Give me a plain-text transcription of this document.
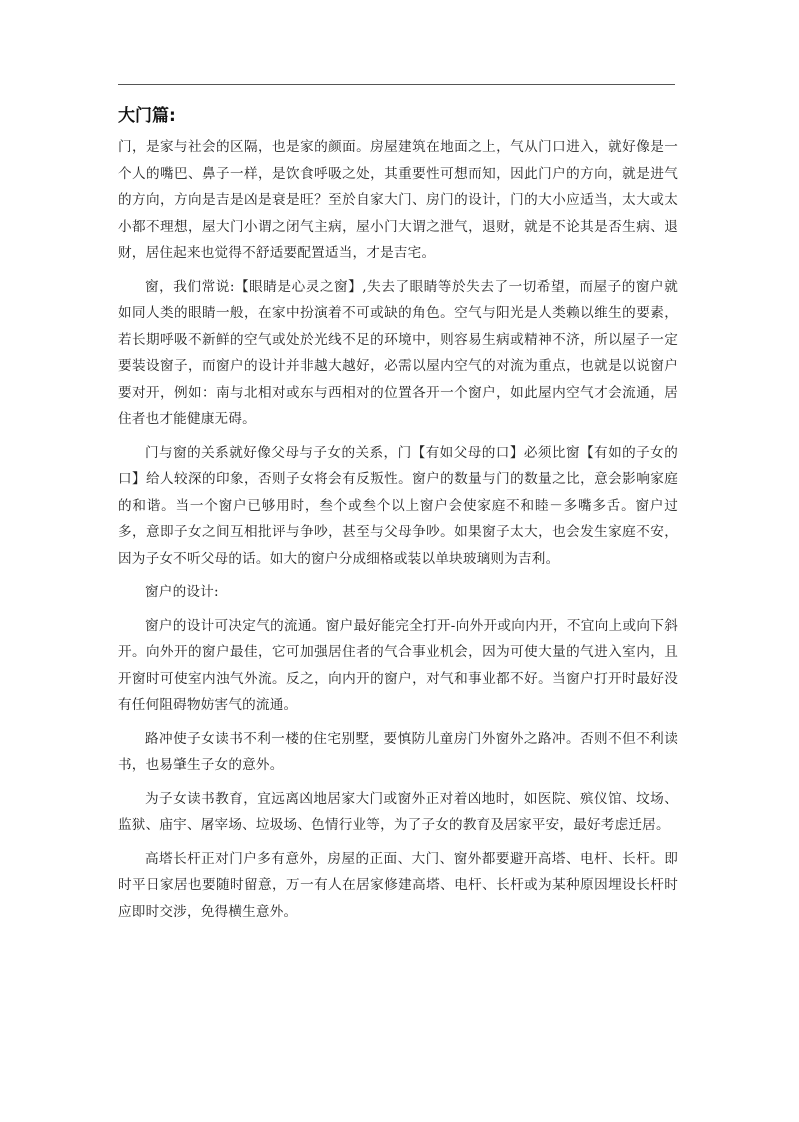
大门篇:

门，是家与社会的区隔，也是家的颜面。房屋建筑在地面之上，气从门口进入，就好像是一个人的嘴巴、鼻子一样，是饮食呼吸之处，其重要性可想而知，因此门户的方向，就是进气的方向，方向是吉是凶是衰是旺？至於自家大门、房门的设计，门的大小应适当，太大或太小都不理想，屋大门小谓之闭气主病，屋小门大谓之泄气，退财，就是不论其是否生病、退财，居住起来也觉得不舒适要配置适当，才是吉宅。

窗，我们常说:【眼睛是心灵之窗】,失去了眼睛等於失去了一切希望，而屋子的窗户就如同人类的眼睛一般，在家中扮演着不可或缺的角色。空气与阳光是人类赖以维生的要素，若长期呼吸不新鲜的空气或处於光线不足的环境中，则容易生病或精神不济，所以屋子一定要装设窗子，而窗户的设计并非越大越好，必需以屋内空气的对流为重点，也就是以说窗户要对开，例如：南与北相对或东与西相对的位置各开一个窗户，如此屋内空气才会流通，居住者也才能健康无碍。

门与窗的关系就好像父母与子女的关系，门【有如父母的口】必须比窗【有如的子女的口】给人较深的印象，否则子女将会有反叛性。窗户的数量与门的数量之比，意会影响家庭的和谐。当一个窗户已够用时，叁个或叁个以上窗户会使家庭不和睦－多嘴多舌。窗户过多，意即子女之间互相批评与争吵，甚至与父母争吵。如果窗子太大，也会发生家庭不安，因为子女不听父母的话。如大的窗户分成细格或装以单块玻璃则为吉利。

窗户的设计:

窗户的设计可决定气的流通。窗户最好能完全打开-向外开或向内开，不宜向上或向下斜开。向外开的窗户最佳，它可加强居住者的气合事业机会，因为可使大量的气进入室内，且开窗时可使室内浊气外流。反之，向内开的窗户，对气和事业都不好。当窗户打开时最好没有任何阻碍物妨害气的流通。

路冲使子女读书不利一楼的住宅别墅，要慎防儿童房门外窗外之路冲。否则不但不利读书，也易肇生子女的意外。

为子女读书教育，宜远离凶地居家大门或窗外正对着凶地时，如医院、殡仪馆、坟场、监狱、庙宇、屠宰场、垃圾场、色情行业等，为了子女的教育及居家平安，最好考虑迁居。

高塔长杆正对门户多有意外，房屋的正面、大门、窗外都要避开高塔、电杆、长杆。即时平日家居也要随时留意，万一有人在居家修建高塔、电杆、长杆或为某种原因埋设长杆时应即时交涉，免得横生意外。
